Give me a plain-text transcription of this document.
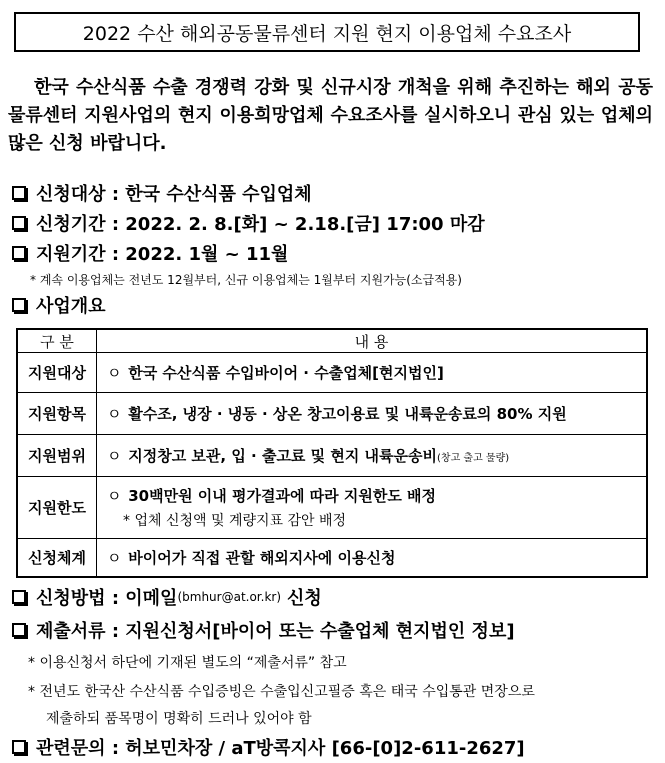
2022 수산 해외공동물류센터 지원 현지 이용업체 수요조사

한국 수산식품 수출 경쟁력 강화 및 신규시장 개척을 위해 추진하는 해외 공동물류센터 지원사업의 현지 이용희망업체 수요조사를 실시하오니 관심 있는 업체의 많은 신청 바랍니다.

신청대상 : 한국 수산식품 수입업체
신청기간 : 2022. 2. 8.[화] ~ 2.18.[금] 17:00 마감
지원기간 : 2022. 1월 ~ 11월
* 계속 이용업체는 전년도 12월부터, 신규 이용업체는 1월부터 지원가능(소급적용)
사업개요
구 분	내 용
지원대상	ㅇ 한국 수산식품 수입바이어 · 수출업체[현지법인]
지원항목	ㅇ 활수조, 냉장 · 냉동 · 상온 창고이용료 및 내륙운송료의 80% 지원
지원범위	ㅇ 지정창고 보관, 입 · 출고료 및 현지 내륙운송비(창고 출고 물량)
지원한도	ㅇ 30백만원 이내 평가결과에 따라 지원한도 배정
* 업체 신청액 및 계량지표 감안 배정

신청체계	ㅇ 바이어가 직접 관할 해외지사에 이용신청
신청방법 : 이메일 (bmhur@at.or.kr) 신청
제출서류 : 지원신청서[바이어 또는 수출업체 현지법인 정보]
* 이용신청서 하단에 기재된 별도의 “제출서류” 참고
* 전년도 한국산 수산식품 수입증빙은 수출입신고필증 혹은 태국 수입통관 면장으로
제출하되 품목명이 명확히 드러나 있어야 함
관련문의 : 허보민차장 / aT방콕지사 [66-[0]2-611-2627]
